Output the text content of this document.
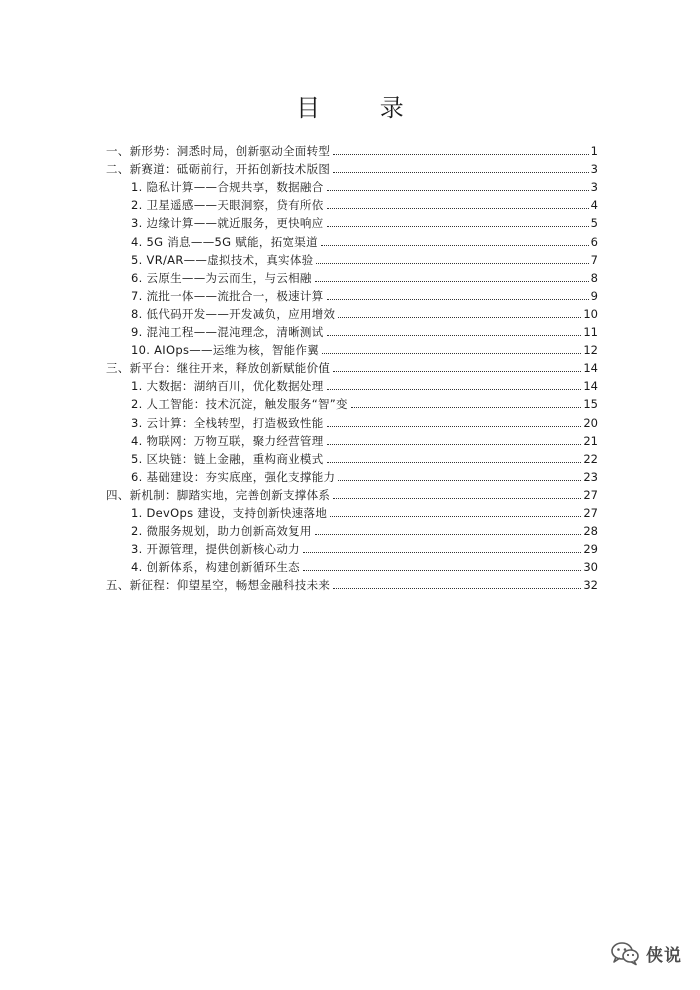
目 录
一、新形势：洞悉时局，创新驱动全面转型	1
二、新赛道：砥砺前行，开拓创新技术版图	3
1. 隐私计算——合规共享，数据融合	3
2. 卫星遥感——天眼洞察，贷有所依	4
3. 边缘计算——就近服务，更快响应	5
4. 5G 消息——5G 赋能，拓宽渠道	6
5. VR/AR——虚拟技术，真实体验	7
6. 云原生——为云而生，与云相融	8
7. 流批一体——流批合一，极速计算	9
8. 低代码开发——开发减负，应用增效	10
9. 混沌工程——混沌理念，清晰测试	11
10. AIOps——运维为核，智能作翼	12
三、新平台：继往开来，释放创新赋能价值	14
1. 大数据：湖纳百川，优化数据处理	14
2. 人工智能：技术沉淀，触发服务“智”变	15
3. 云计算：全栈转型，打造极致性能	20
4. 物联网：万物互联，聚力经营管理	21
5. 区块链：链上金融，重构商业模式	22
6. 基础建设：夯实底座，强化支撑能力	23
四、新机制：脚踏实地，完善创新支撑体系	27
1. DevOps 建设，支持创新快速落地	27
2. 微服务规划，助力创新高效复用	28
3. 开源管理，提供创新核心动力	29
4. 创新体系，构建创新循环生态	30
五、新征程：仰望星空，畅想金融科技未来	32
侠说
